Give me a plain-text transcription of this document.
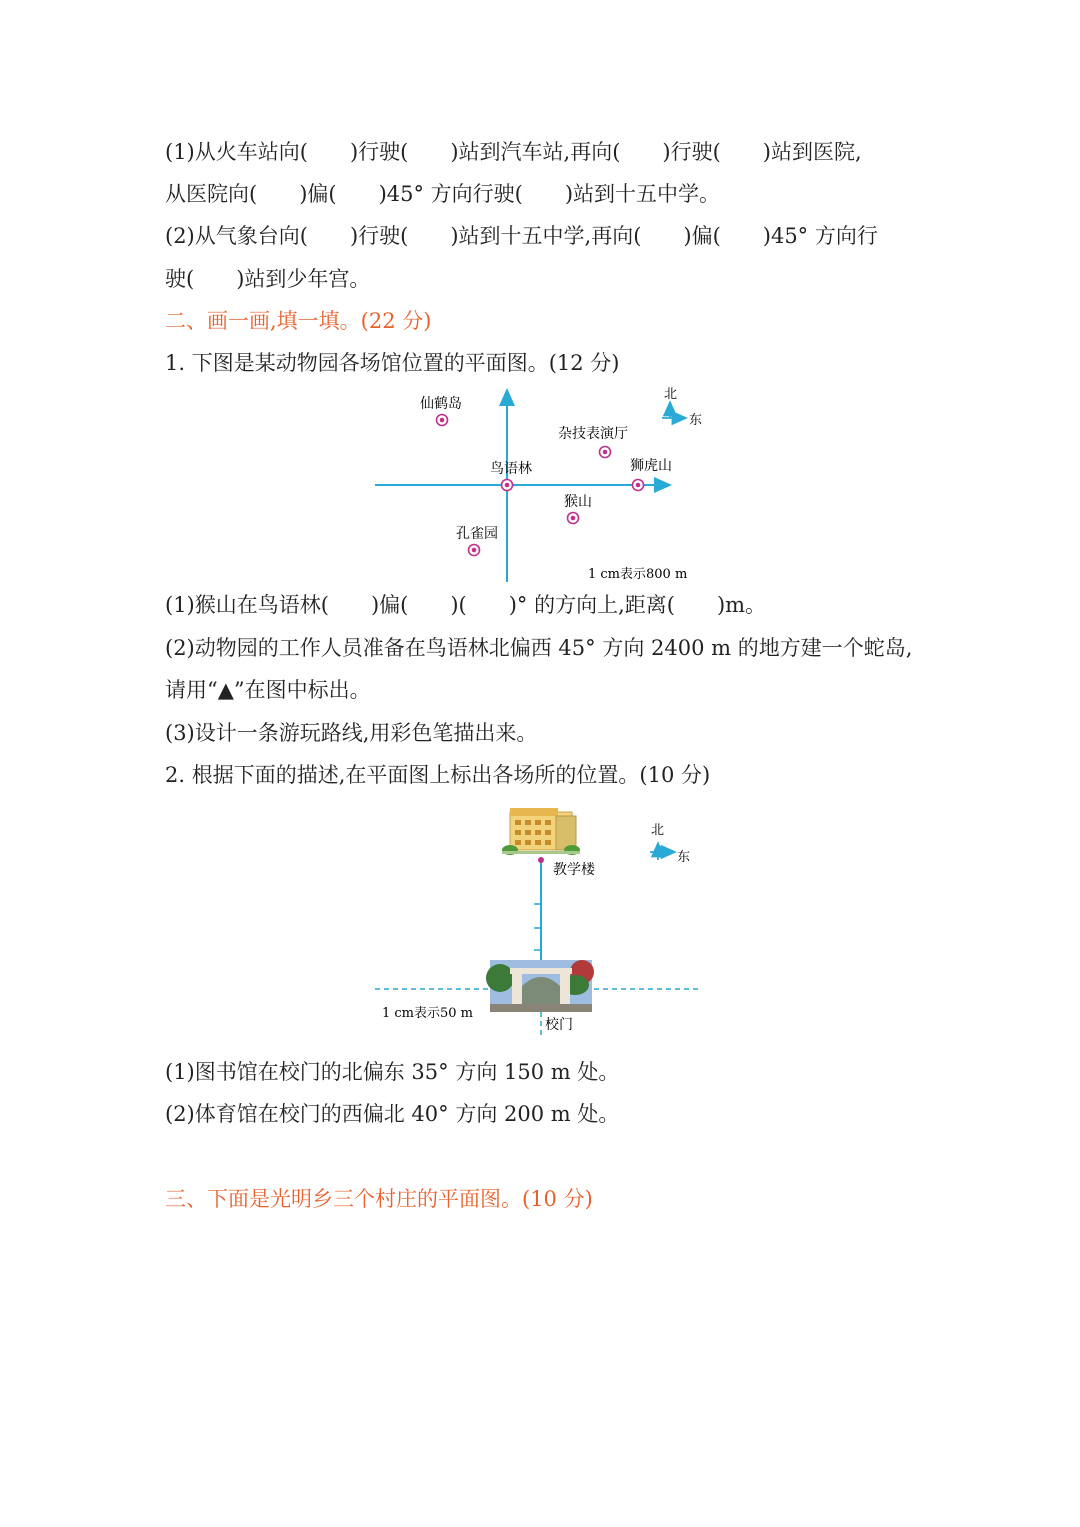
(1)从火车站向(　　)行驶(　　)站到汽车站,再向(　　)行驶(　　)站到医院,
从医院向(　　)偏(　　)45° 方向行驶(　　)站到十五中学。
(2)从气象台向(　　)行驶(　　)站到十五中学,再向(　　)偏(　　)45° 方向行
驶(　　)站到少年宫。
二、画一画,填一填。(22 分)
1. 下图是某动物园各场馆位置的平面图。(12 分)
北
东
仙鹤岛
杂技表演厅
鸟语林	狮虎山
猴山
孔雀园
1 cm表示800 m
(1)猴山在鸟语林(　　)偏(　　)(　　)° 的方向上,距离(　　)m。
(2)动物园的工作人员准备在鸟语林北偏西 45° 方向 2400 m 的地方建一个蛇岛,
请用“▲”在图中标出。
(3)设计一条游玩路线,用彩色笔描出来。
2. 根据下面的描述,在平面图上标出各场所的位置。(10 分)
教学楼
1 cm表示50 m
校门
北
东
(1)图书馆在校门的北偏东 35° 方向 150 m 处。
(2)体育馆在校门的西偏北 40° 方向 200 m 处。
三、下面是光明乡三个村庄的平面图。(10 分)
